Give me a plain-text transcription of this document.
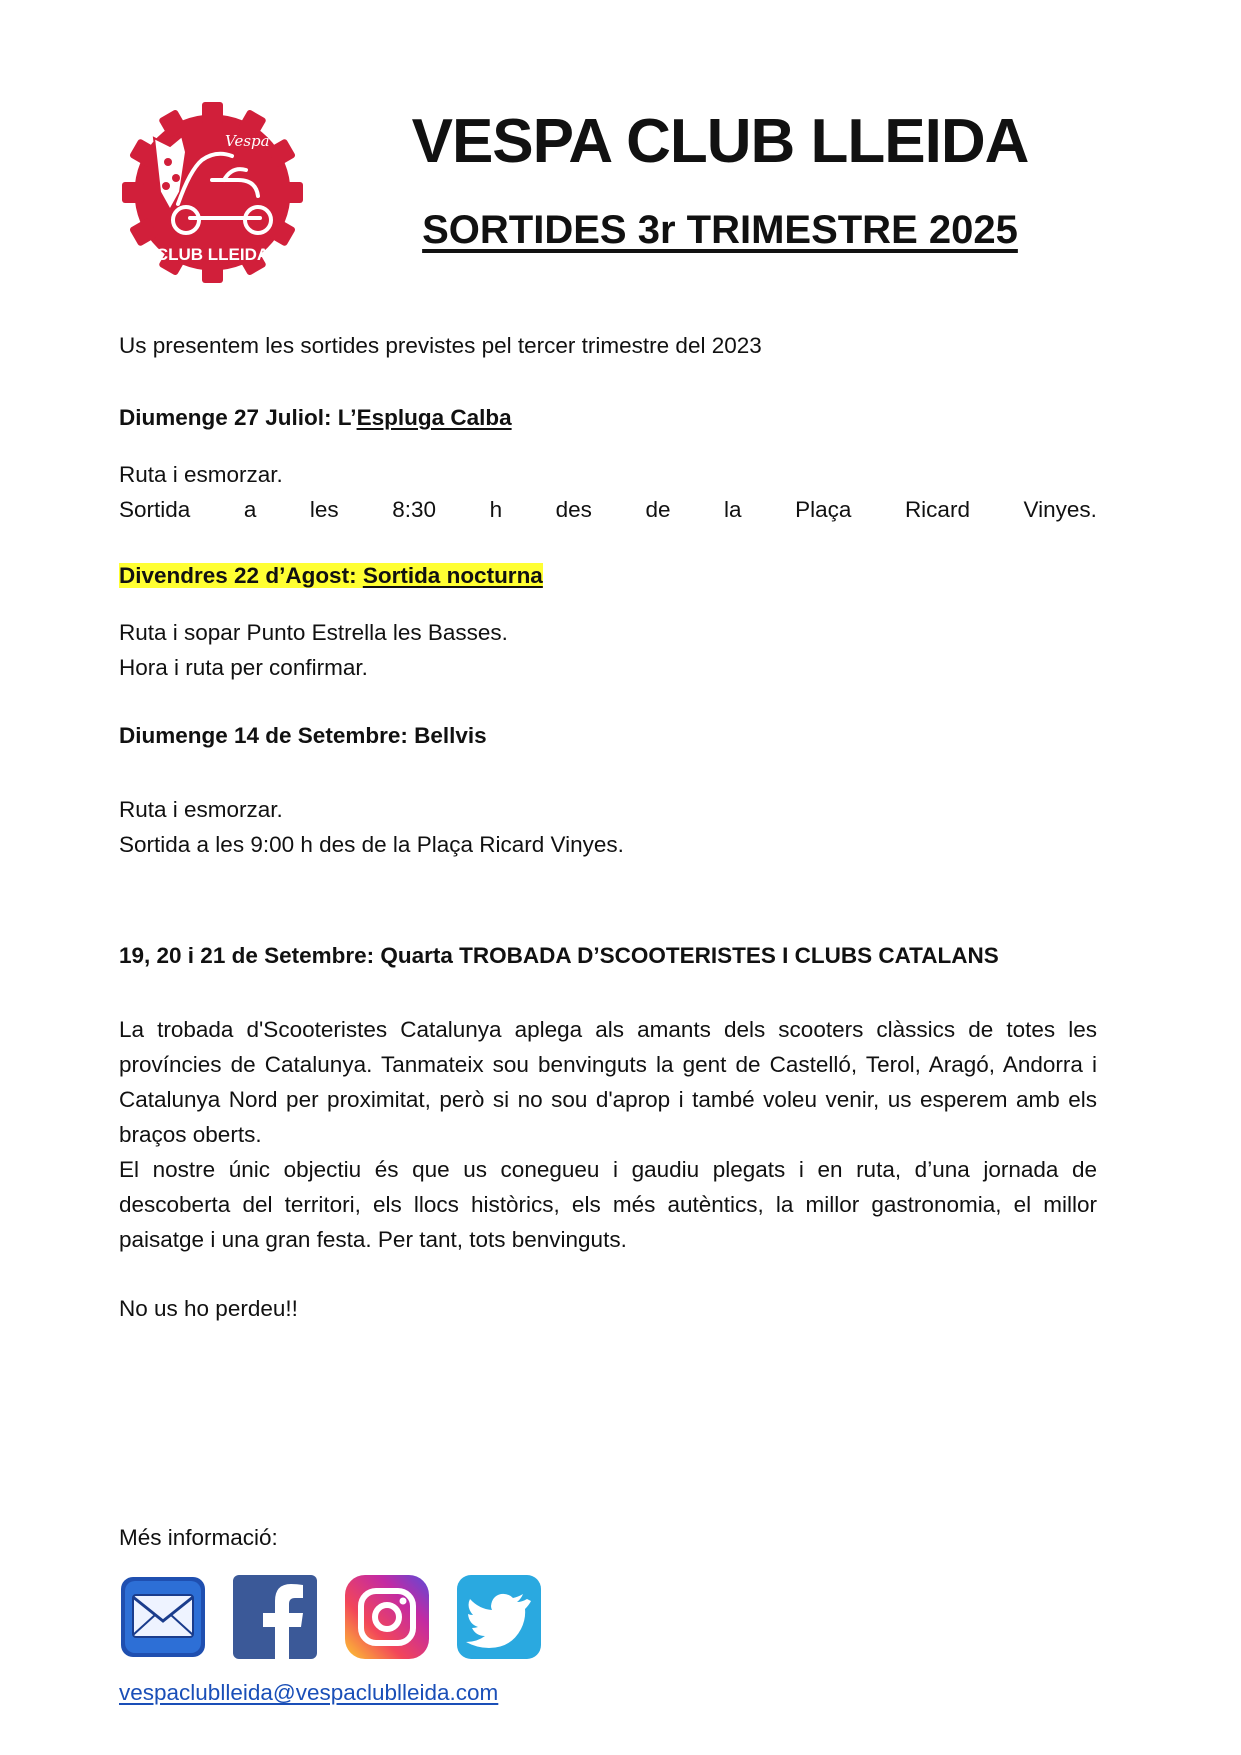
Vespa
CLUB LLEIDA
VESPA CLUB LLEIDA
SORTIDES 3r TRIMESTRE 2025
Us presentem les sortides previstes pel tercer trimestre del 2023
Diumenge 27 Juliol: L’Espluga Calba
Ruta i esmorzar.
Sortida a les 8:30 h des de la Plaça Ricard Vinyes.
Divendres 22 d’Agost: Sortida nocturna
Ruta i sopar Punto Estrella les Basses.
Hora i ruta per confirmar.
Diumenge 14 de Setembre: Bellvis
Ruta i esmorzar.
Sortida a les 9:00 h des de la Plaça Ricard Vinyes.
19, 20 i 21 de Setembre: Quarta TROBADA D’SCOOTERISTES I CLUBS CATALANS
La trobada d'Scooteristes Catalunya aplega als amants dels scooters clàssics de totes les províncies de Catalunya. Tanmateix sou benvinguts la gent de Castelló, Terol, Aragó, Andorra i Catalunya Nord per proximitat, però si no sou d'aprop i també voleu venir, us esperem amb els braços oberts.
El nostre únic objectiu és que us conegueu i gaudiu plegats i en ruta, d’una jornada de descoberta del territori, els llocs històrics, els més autèntics, la millor gastronomia, el millor paisatge i una gran festa. Per tant, tots benvinguts.
No us ho perdeu!!
Més informació:
vespaclublleida@vespaclublleida.com
